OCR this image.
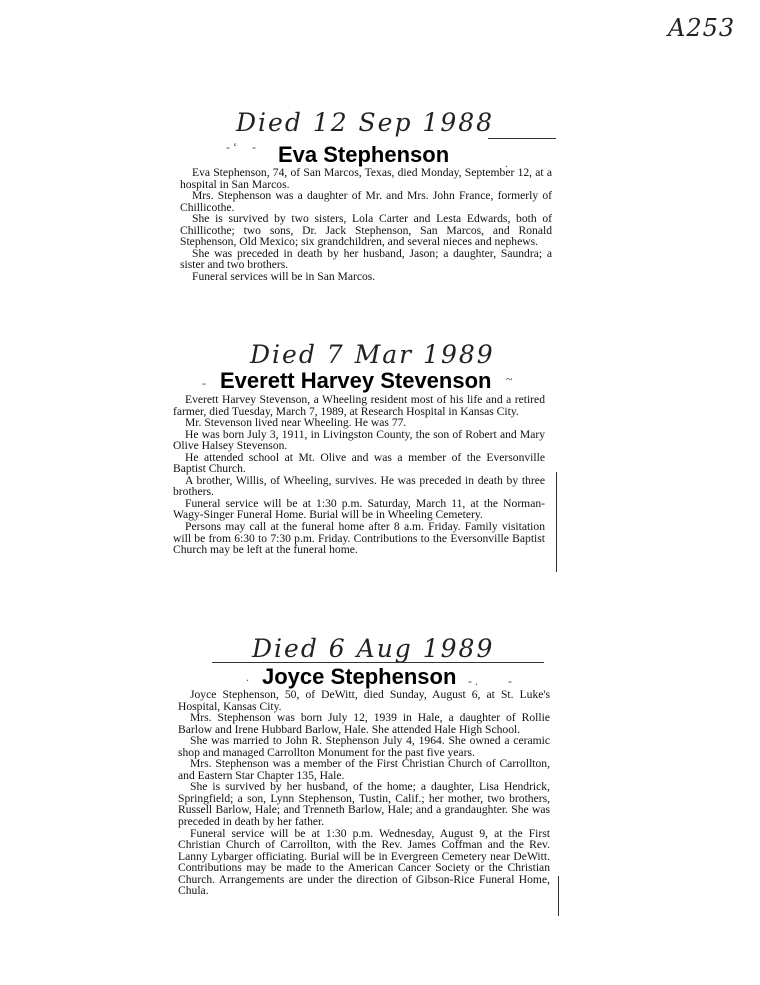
A253
Died 12 Sep 1988
- ‘ - Eva Stephenson	.

Eva Stephenson, 74, of San Marcos, Texas, died Monday, September 12, at a hospital in San Marcos.

Mrs. Stephenson was a daughter of Mr. and Mrs. John France, formerly of Chillicothe.

She is survived by two sisters, Lola Carter and Lesta Edwards, both of Chillicothe; two sons, Dr. Jack Stephenson, San Marcos, and Ronald Stephenson, Old Mexico; six grandchildren, and several nieces and nephews.

She was preceded in death by her husband, Jason; a daughter, Saundra; a sister and two brothers.

Funeral services will be in San Marcos.

Died 7 Mar 1989
- Everett Harvey Stevenson ~

Everett Harvey Stevenson, a Wheeling resident most of his life and a retired farmer, died Tuesday, March 7, 1989, at Research Hospital in Kansas City.

Mr. Stevenson lived near Wheeling. He was 77.

He was born July 3, 1911, in Livingston County, the son of Robert and Mary Olive Halsey Stevenson.

He attended school at Mt. Olive and was a member of the Eversonville Baptist Church.

A brother, Willis, of Wheeling, survives. He was preceded in death by three brothers.

Funeral service will be at 1:30 p.m. Saturday, March 11, at the Norman-Wagy-Singer Funeral Home. Burial will be in Wheeling Cemetery.

Persons may call at the funeral home after 8 a.m. Friday. Family visitation will be from 6:30 to 7:30 p.m. Friday. Contributions to the Eversonville Baptist Church may be left at the funeral home.

Died 6 Aug 1989
. Joyce Stephenson - .	-

Joyce Stephenson, 50, of DeWitt, died Sunday, August 6, at St. Luke's Hospital, Kansas City.

Mrs. Stephenson was born July 12, 1939 in Hale, a daughter of Rollie Barlow and Irene Hubbard Barlow, Hale. She attended Hale High School.

She was married to John R. Stephenson July 4, 1964. She owned a ceramic shop and managed Carrollton Monument for the past five years.

Mrs. Stephenson was a member of the First Christian Church of Carrollton, and Eastern Star Chapter 135, Hale.

She is survived by her husband, of the home; a daughter, Lisa Hendrick, Springfield; a son, Lynn Stephenson, Tustin, Calif.; her mother, two brothers, Russell Barlow, Hale; and Trenneth Barlow, Hale; and a grandaughter. She was preceded in death by her father.

Funeral service will be at 1:30 p.m. Wednesday, August 9, at the First Christian Church of Carrollton, with the Rev. James Coffman and the Rev. Lanny Lybarger officiating. Burial will be in Evergreen Cemetery near DeWitt. Contributions may be made to the American Cancer Society or the Christian Church. Arrangements are under the direction of Gibson-Rice Funeral Home, Chula.
